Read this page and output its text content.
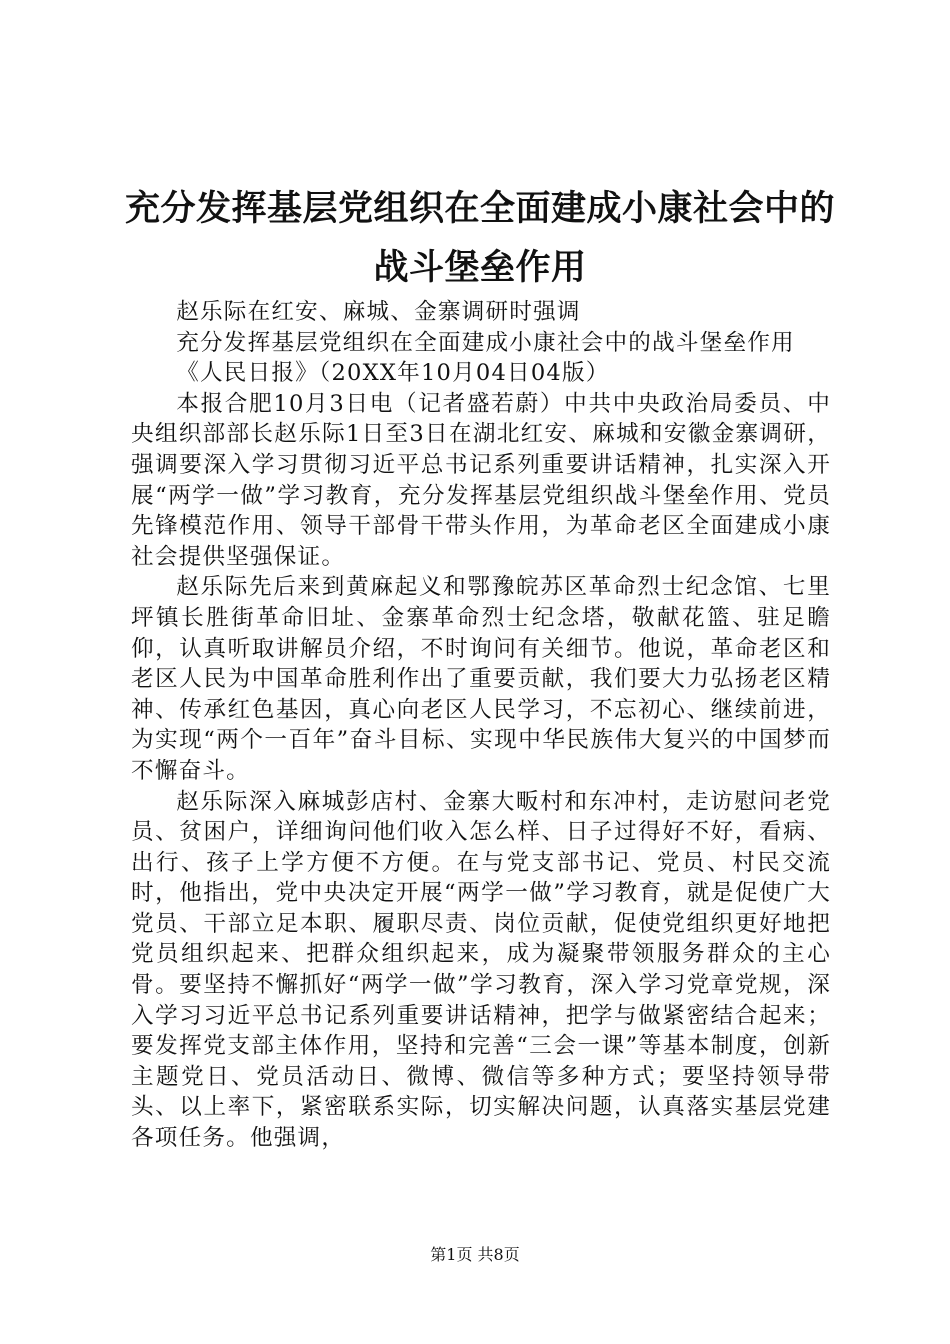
充分发挥基层党组织在全面建成小康社会中的
战斗堡垒作用

赵乐际在红安、麻城、金寨调研时强调

充分发挥基层党组织在全面建成小康社会中的战斗堡垒作用

《人民日报》（20XX年10月04日04版）

本报合肥10月3日电（记者盛若蔚）中共中央政治局委员、中央组织部部长赵乐际1日至3日在湖北红安、麻城和安徽金寨调研，强调要深入学习贯彻习近平总书记系列重要讲话精神，扎实深入开展“两学一做”学习教育，充分发挥基层党组织战斗堡垒作用、党员先锋模范作用、领导干部骨干带头作用，为革命老区全面建成小康社会提供坚强保证。

赵乐际先后来到黄麻起义和鄂豫皖苏区革命烈士纪念馆、七里坪镇长胜街革命旧址、金寨革命烈士纪念塔，敬献花篮、驻足瞻仰，认真听取讲解员介绍，不时询问有关细节。他说，革命老区和老区人民为中国革命胜利作出了重要贡献，我们要大力弘扬老区精神、传承红色基因，真心向老区人民学习，不忘初心、继续前进，为实现“两个一百年”奋斗目标、实现中华民族伟大复兴的中国梦而不懈奋斗。

赵乐际深入麻城彭店村、金寨大畈村和东冲村，走访慰问老党员、贫困户，详细询问他们收入怎么样、日子过得好不好，看病、出行、孩子上学方便不方便。在与党支部书记、党员、村民交流时，他指出，党中央决定开展“两学一做”学习教育，就是促使广大党员、干部立足本职、履职尽责、岗位贡献，促使党组织更好地把党员组织起来、把群众组织起来，成为凝聚带领服务群众的主心骨。要坚持不懈抓好“两学一做”学习教育，深入学习党章党规，深入学习习近平总书记系列重要讲话精神，把学与做紧密结合起来；要发挥党支部主体作用，坚持和完善“三会一课”等基本制度，创新主题党日、党员活动日、微博、微信等多种方式；要坚持领导带头、以上率下，紧密联系实际，切实解决问题，认真落实基层党建各项任务。他强调，

第1页 共8页
